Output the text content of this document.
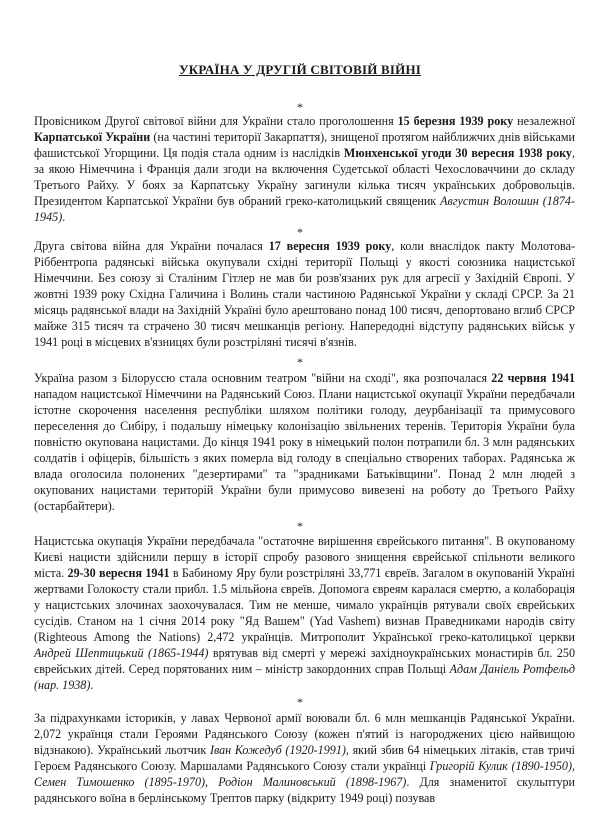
УКРАЇНА У ДРУГІЙ СВІТОВІЙ ВІЙНІ
*
Провісником Другої світової війни для України стало проголошення 15 березня 1939 року незалежної Карпатської України (на частині території Закарпаття), знищеної протягом найближчих днів військами фашистської Угорщини. Ця подія стала одним із наслідків Мюнхенської угоди 30 вересня 1938 року, за якою Німеччина і Франція дали згоди на включення Судетської області Чехословаччини до складу Третього Райху. У боях за Карпатську Україну загинули кілька тисяч українських добровольців. Президентом Карпатської України був обраний греко-католицький священик Августин Волошин (1874-1945).
*
Друга світова війна для України почалася 17 вересня 1939 року, коли внаслідок пакту Молотова-Ріббентропа радянські війська окупували східні території Польщі у якості союзника нацистської Німеччини. Без союзу зі Сталіним Гітлер не мав би розв'язаних рук для агресії у Західній Європі. У жовтні 1939 року Східна Галичина і Волинь стали частиною Радянської України у складі СРСР. За 21 місяць радянської влади на Західній Україні було арештовано понад 100 тисяч, депортовано вглиб СРСР майже 315 тисяч та страчено 30 тисяч мешканців регіону. Напередодні відступу радянських військ у 1941 році в місцевих в'язницях були розстріляні тисячі в'язнів.
*
Україна разом з Білоруссю стала основним театром "війни на сході", яка розпочалася 22 червня 1941 нападом нацистської Німеччини на Радянський Союз. Плани нацистської окупації України передбачали істотне скорочення населення республіки шляхом політики голоду, деурбанізації та примусового переселення до Сибіру, і подальшу німецьку колонізацію звільнених теренів. Територія України була повністю окупована нацистами. До кінця 1941 року в німецький полон потрапили бл. 3 млн радянських солдатів і офіцерів, більшість з яких померла від голоду в спеціально створених таборах. Радянська ж влада оголосила полонених "дезертирами" та "зрадниками Батьківщини". Понад 2 млн людей з окупованих нацистами територій України були примусово вивезені на роботу до Третього Райху (остарбайтери).
*
Нацистська окупація України передбачала "остаточне вирішення єврейського питання". В окупованому Києві нацисти здійснили першу в історії спробу разового знищення єврейської спільноти великого міста. 29-30 вересня 1941 в Бабиному Яру були розстріляні 33,771 євреїв. Загалом в окупованій Україні жертвами Голокосту стали прибл. 1.5 мільйона євреїв. Допомога євреям каралася смертю, а колаборація у нацистських злочинах заохочувалася. Тим не менше, чимало українців рятували своїх єврейських сусідів. Станом на 1 січня 2014 року "Яд Вашем" (Yad Vashem) визнав Праведниками народів світу (Righteous Among the Nations) 2,472 українців. Митрополит Української греко-католицької церкви Андрей Шептицький (1865-1944) врятував від смерті у мережі західноукраїнських монастирів бл. 250 єврейських дітей. Серед порятованих ним – міністр закордонних справ Польщі Адам Даніель Ротфельд (нар. 1938).
*
За підрахунками істориків, у лавах Червоної армії воювали бл. 6 млн мешканців Радянської України. 2,072 українця стали Героями Радянського Союзу (кожен п'ятий із нагороджених цією найвищою відзнакою). Український льотчик Іван Кожедуб (1920-1991), який збив 64 німецьких літаків, став тричі Героєм Радянського Союзу. Маршалами Радянського Союзу стали українці Григорій Кулик (1890-1950), Семен Тимошенко (1895-1970), Родіон Малиновський (1898-1967). Для знаменитої скульптури радянського воїна в берлінському Трептов парку (відкриту 1949 році) позував
